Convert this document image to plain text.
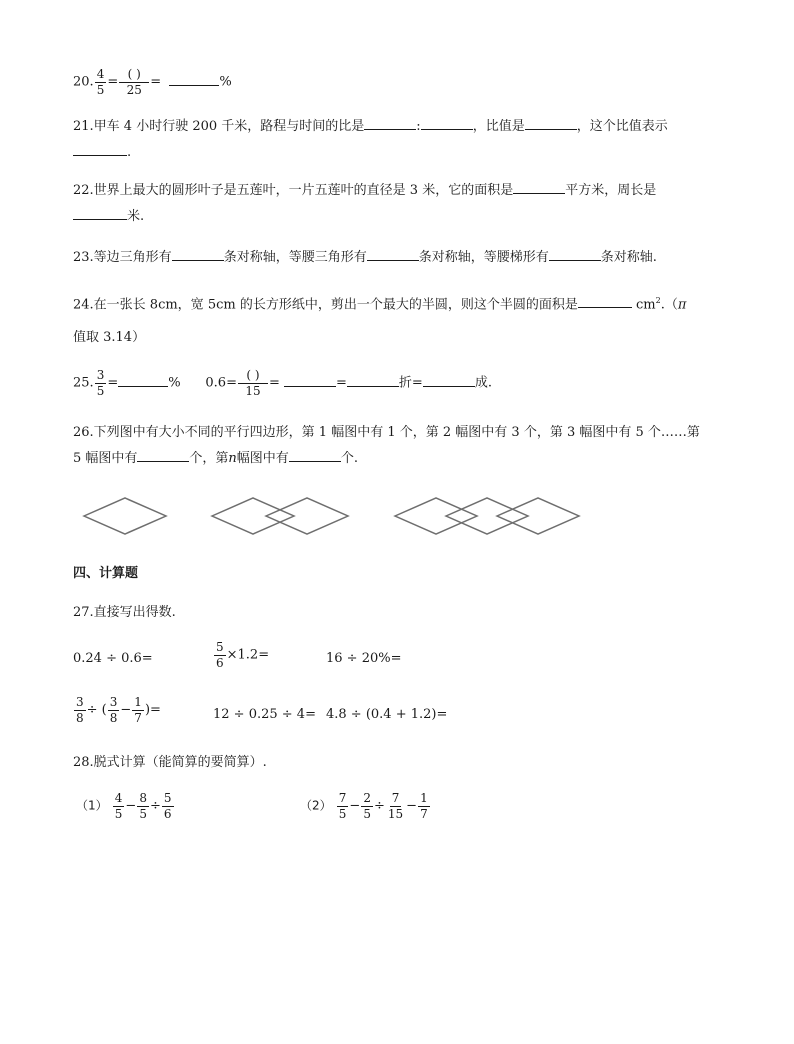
20. $\frac{4}{5} = \frac{( )}{25}$ =	%
21.甲车 4 小时行驶 200 千米，路程与时间的比是	:	，比值是	，这个比值表示
.
22.世界上最大的圆形叶子是五莲叶，一片五莲叶的直径是 3 米，它的面积是	平方米，周长是
米.
23.等边三角形有	条对称轴，等腰三角形有	条对称轴，等腰梯形有	条对称轴.
24.在一张长 8cm，宽 5cm 的长方形纸中，剪出一个最大的半圆，则这个半圆的面积是	$cm^2.(\pi$
值取 3.14）
25. $\frac{3}{5}$ =	% $0.6= \frac{( )}{15}$ =	=	折=	成.
26.下列图中有大小不同的平行四边形，第 1 幅图中有 1 个，第 2 幅图中有 3 个，第 3 幅图中有 5 个……第
5 幅图中有	个，第n幅图中有	个.
四、计算题
27.直接写出得数.
0.24 ÷ 0.6=	$\frac{5}{6} \times 1.2=$	16 ÷ 20%=
$\frac{3}{8}$ ÷ ( $\frac{3}{8} - \frac{1}{7}$ )=	12 ÷ 0.25 ÷ 4= 4.8 ÷ (0.4 + 1.2)=
28.脱式计算（能简算的要简算）.
$(1) \frac{4}{5} - \frac{8}{5} \div \frac{5}{6}$	$(2) \frac{7}{5} - \frac{2}{5} \div \frac{7}{15} - \frac{1}{7}$
